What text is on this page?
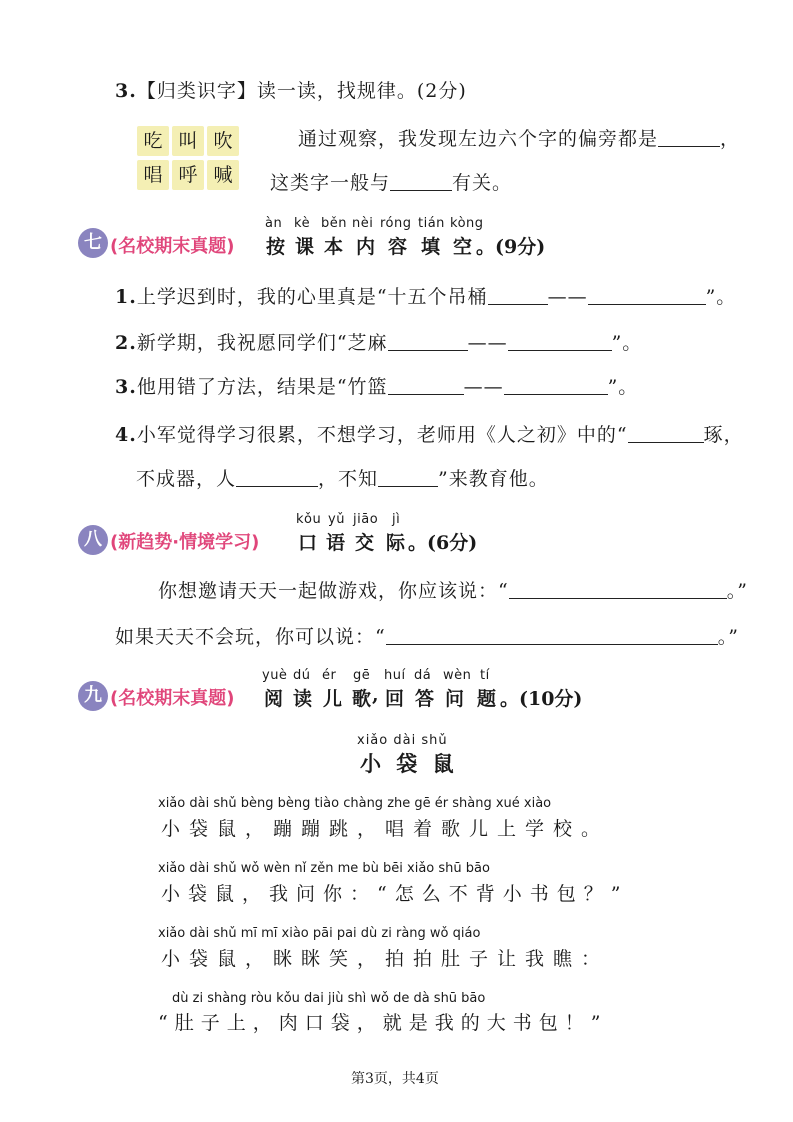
3.【归类识字】读一读，找规律。(2分)
吃 叫 吹
唱 呼 喊
通过观察，我发现左边六个字的偏旁都是	，
这类字一般与	有关。
七 (名校期末真题)
àn kè běn nèi róng tián kòng
按 课 本 内 容 填 空 。(9分)
1.上学迟到时，我的心里真是“十五个吊桶	——	”。
2.新学期，我祝愿同学们“芝麻	——	”。
3.他用错了方法，结果是“竹篮	——	”。
4.小军觉得学习很累，不想学习，老师用《人之初》中的“	琢，
不成器，人	，不知	”来教育他。
八 (新趋势·情境学习)
kǒu yǔ jiāo jì
口 语 交 际 。(6分)
你想邀请天天一起做游戏，你应该说：“	。”
如果天天不会玩，你可以说：“	。”
九 (名校期末真题)
yuè dú ér gē huí dá wèn tí
阅 读 儿 歌 , 回 答 问 题 。(10分)
xiǎo dài shǔ
小 袋 鼠
xiǎo dài shǔ bèng bèng tiào chàng zhe gē ér shàng xué xiào
小袋鼠，蹦蹦跳，唱着歌儿上学校。
xiǎo dài shǔ wǒ wèn nǐ zěn me bù bēi xiǎo shū bāo
小袋鼠，我问你：“怎么不背小书包？”
xiǎo dài shǔ mī mī xiào pāi pai dù zi ràng wǒ qiáo
小袋鼠，眯眯笑，拍拍肚子让我瞧：
dù zi shàng ròu kǒu dai jiù shì wǒ de dà shū bāo
“肚子上，肉口袋，就是我的大书包！”
第3页，共4页
